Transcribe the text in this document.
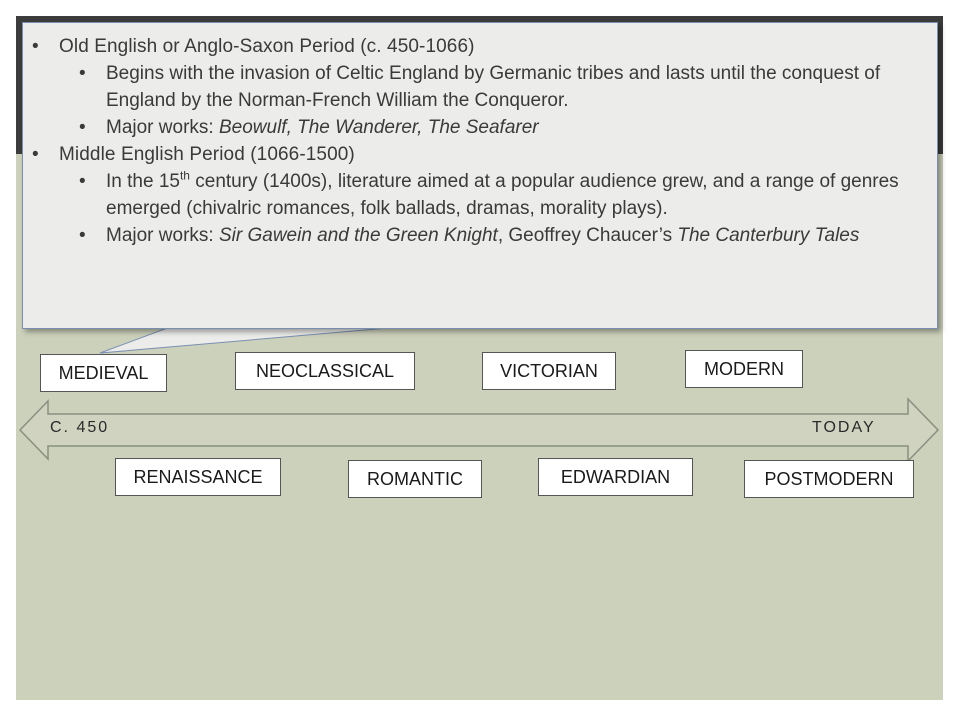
• Old English or Anglo-Saxon Period (c. 450-1066)
• Begins with the invasion of Celtic England by Germanic tribes and lasts until the conquest of England by the Norman-French William the Conqueror.
• Major works: Beowulf, The Wanderer, The Seafarer
• Middle English Period (1066-1500)
• In the 15th century (1400s), literature aimed at a popular audience grew, and a range of genres emerged (chivalric romances, folk ballads, dramas, morality plays).
• Major works: Sir Gawein and the Green Knight, Geoffrey Chaucer’s The Canterbury Tales
C. 450	TODAY
MEDIEVAL	NEOCLASSICAL	VICTORIAN	MODERN
RENAISSANCE	ROMANTIC	EDWARDIAN	POSTMODERN
